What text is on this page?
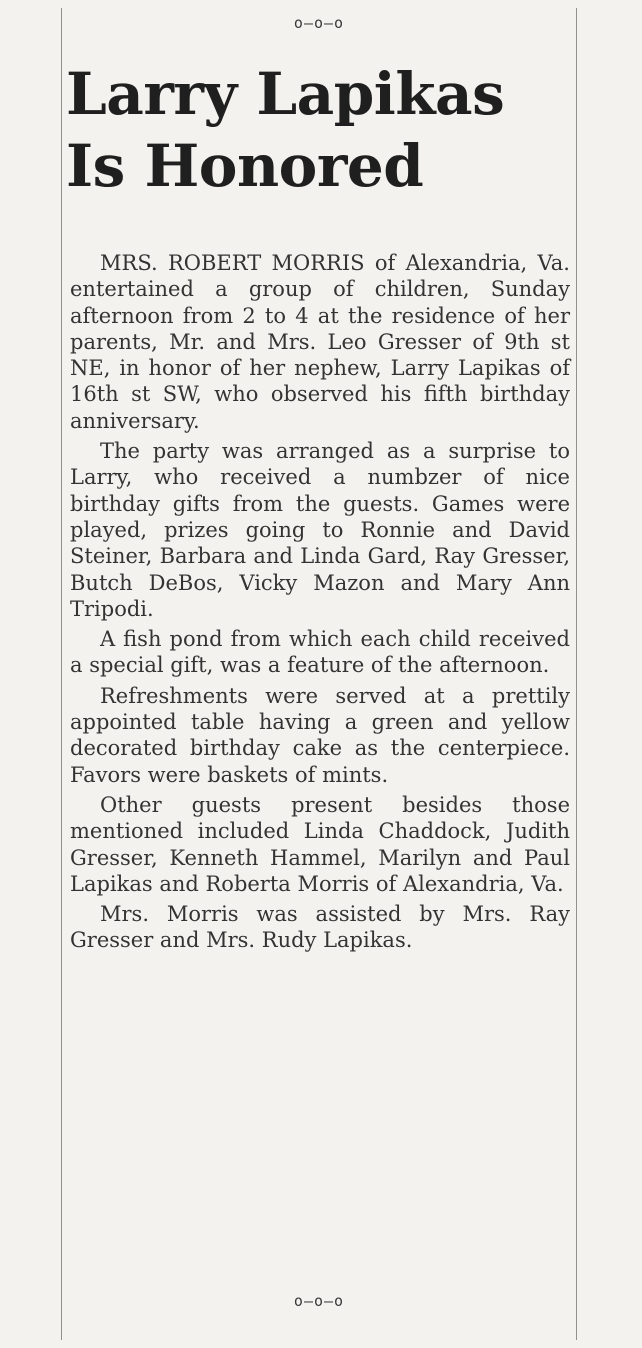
o—o—o
Larry Lapikas
Is Honored

MRS. ROBERT MORRIS of Alexandria, Va. entertained a group of children, Sunday afternoon from 2 to 4 at the residence of her parents, Mr. and Mrs. Leo Gresser of 9th st NE, in honor of her nephew, Larry Lapikas of 16th st SW, who observed his fifth birthday anniversary.

The party was arranged as a surprise to Larry, who received a numbzer of nice birthday gifts from the guests. Games were played, prizes going to Ronnie and David Steiner, Barbara and Linda Gard, Ray Gresser, Butch DeBos, Vicky Mazon and Mary Ann Tripodi.

A fish pond from which each child received a special gift, was a feature of the afternoon.

Refreshments were served at a prettily appointed table having a green and yellow decorated birthday cake as the centerpiece. Favors were baskets of mints.

Other guests present besides those mentioned included Linda Chaddock, Judith Gresser, Kenneth Hammel, Marilyn and Paul Lapikas and Roberta Morris of Alexandria, Va.

Mrs. Morris was assisted by Mrs. Ray Gresser and Mrs. Rudy Lapikas.

o—o—o
